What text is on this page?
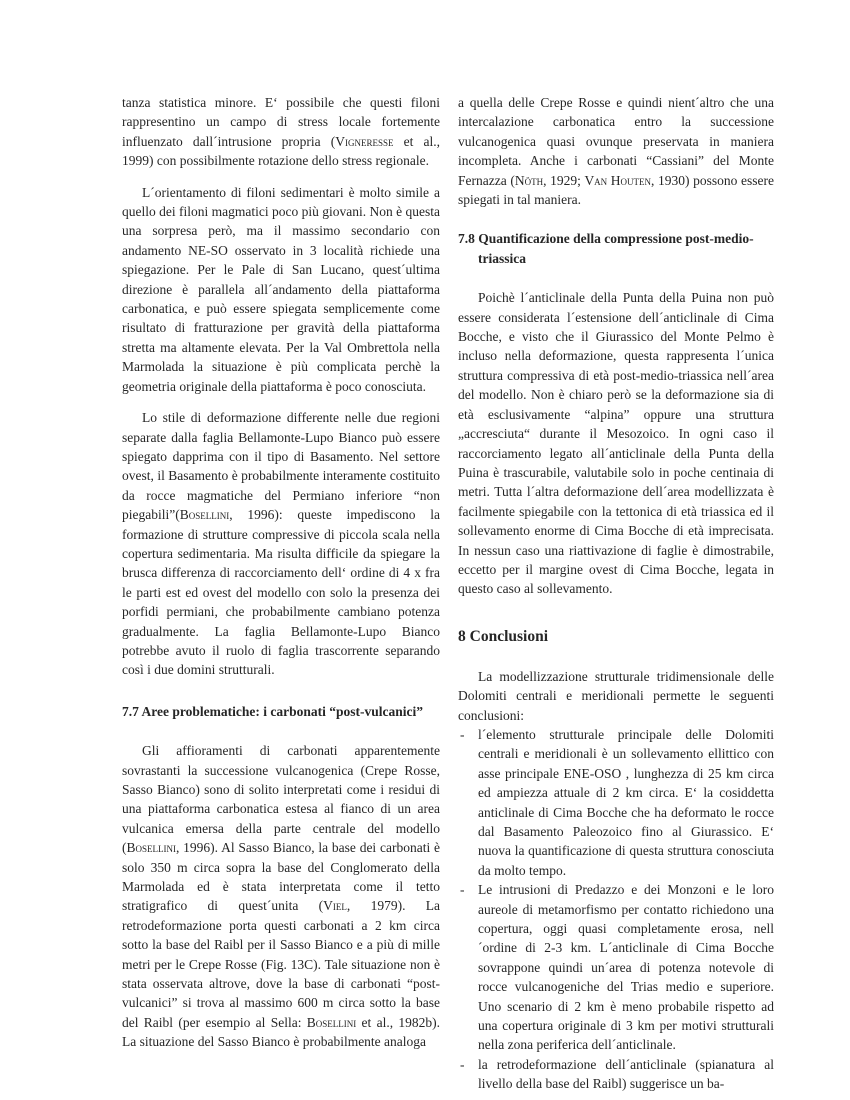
tanza statistica minore. E‘ possibile che questi filoni rappresentino un campo di stress locale fortemente influenzato dall´intrusione propria (Vigneresse et al., 1999) con possibilmente rotazione dello stress regionale.

L´orientamento di filoni sedimentari è molto simile a quello dei filoni magmatici poco più giovani. Non è questa una sorpresa però, ma il massimo secondario con andamento NE-SO osservato in 3 località richiede una spiegazione. Per le Pale di San Lucano, quest´ultima direzione è parallela all´andamento della piattaforma carbonatica, e può essere spiegata semplicemente come risultato di fratturazione per gravità della piattaforma stretta ma altamente elevata. Per la Val Ombrettola nella Marmolada la situazione è più complicata perchè la geometria originale della piattaforma è poco conosciuta.

Lo stile di deformazione differente nelle due regioni separate dalla faglia Bellamonte-Lupo Bianco può essere spiegato dapprima con il tipo di Basamento. Nel settore ovest, il Basamento è probabilmente interamente costituito da rocce magmatiche del Permiano inferiore “non piegabili”(Bosellini, 1996): queste impediscono la formazione di strutture compressive di piccola scala nella copertura sedimentaria. Ma risulta difficile da spiegare la brusca differenza di raccorciamento dell‘ ordine di 4 x fra le parti est ed ovest del modello con solo la presenza dei porfidi permiani, che probabilmente cambiano potenza gradualmente. La faglia Bellamonte-Lupo Bianco potrebbe avuto il ruolo di faglia trascorrente separando così i due domini strutturali.

7.7 Aree problematiche: i carbonati “post-vulcanici”

Gli affioramenti di carbonati apparentemente sovrastanti la successione vulcanogenica (Crepe Rosse, Sasso Bianco) sono di solito interpretati come i residui di una piattaforma carbonatica estesa al fianco di un area vulcanica emersa della parte centrale del modello (Bosellini, 1996). Al Sasso Bianco, la base dei carbonati è solo 350 m circa sopra la base del Conglomerato della Marmolada ed è stata interpretata come il tetto stratigrafico di quest´unita (Viel, 1979). La retrodeformazione porta questi carbonati a 2 km circa sotto la base del Raibl per il Sasso Bianco e a più di mille metri per le Crepe Rosse (Fig. 13C). Tale situazione non è stata osservata altrove, dove la base di carbonati “post-vulcanici” si trova al massimo 600 m circa sotto la base del Raibl (per esempio al Sella: Bosellini et al., 1982b). La situazione del Sasso Bianco è probabilmente analoga

a quella delle Crepe Rosse e quindi nient´altro che una intercalazione carbonatica entro la successione vulcanogenica quasi ovunque preservata in maniera incompleta. Anche i carbonati “Cassiani” del Monte Fernazza (Nöth, 1929; Van Houten, 1930) possono essere spiegati in tal maniera.

7.8 Quantificazione della compressione post-medio-triassica

Poichè l´anticlinale della Punta della Puina non può essere considerata l´estensione dell´anticlinale di Cima Bocche, e visto che il Giurassico del Monte Pelmo è incluso nella deformazione, questa rappresenta l´unica struttura compressiva di età post-medio-triassica nell´area del modello. Non è chiaro però se la deformazione sia di età esclusivamente “alpina” oppure una struttura „accresciuta“ durante il Mesozoico. In ogni caso il raccorciamento legato all´anticlinale della Punta della Puina è trascurabile, valutabile solo in poche centinaia di metri. Tutta l´altra deformazione dell´area modellizzata è facilmente spiegabile con la tettonica di età triassica ed il sollevamento enorme di Cima Bocche di età imprecisata. In nessun caso una riattivazione di faglie è dimostrabile, eccetto per il margine ovest di Cima Bocche, legata in questo caso al sollevamento.

8 Conclusioni

La modellizzazione strutturale tridimensionale delle Dolomiti centrali e meridionali permette le seguenti conclusioni:

- l´elemento strutturale principale delle Dolomiti centrali e meridionali è un sollevamento ellittico con asse principale ENE-OSO , lunghezza di 25 km circa ed ampiezza attuale di 2 km circa. E‘ la cosiddetta anticlinale di Cima Bocche che ha deformato le rocce dal Basamento Paleozoico fino al Giurassico. E‘ nuova la quantificazione di questa struttura conosciuta da molto tempo.
- Le intrusioni di Predazzo e dei Monzoni e le loro aureole di metamorfismo per contatto richiedono una copertura, oggi quasi completamente erosa, nell´ordine di 2-3 km. L´anticlinale di Cima Bocche sovrappone quindi un´area di potenza notevole di rocce vulcanogeniche del Trias medio e superiore. Uno scenario di 2 km è meno probabile rispetto ad una copertura originale di 3 km per motivi strutturali nella zona periferica dell´anticlinale.
- la retrodeformazione dell´anticlinale (spianatura al livello della base del Raibl) suggerisce un ba-
